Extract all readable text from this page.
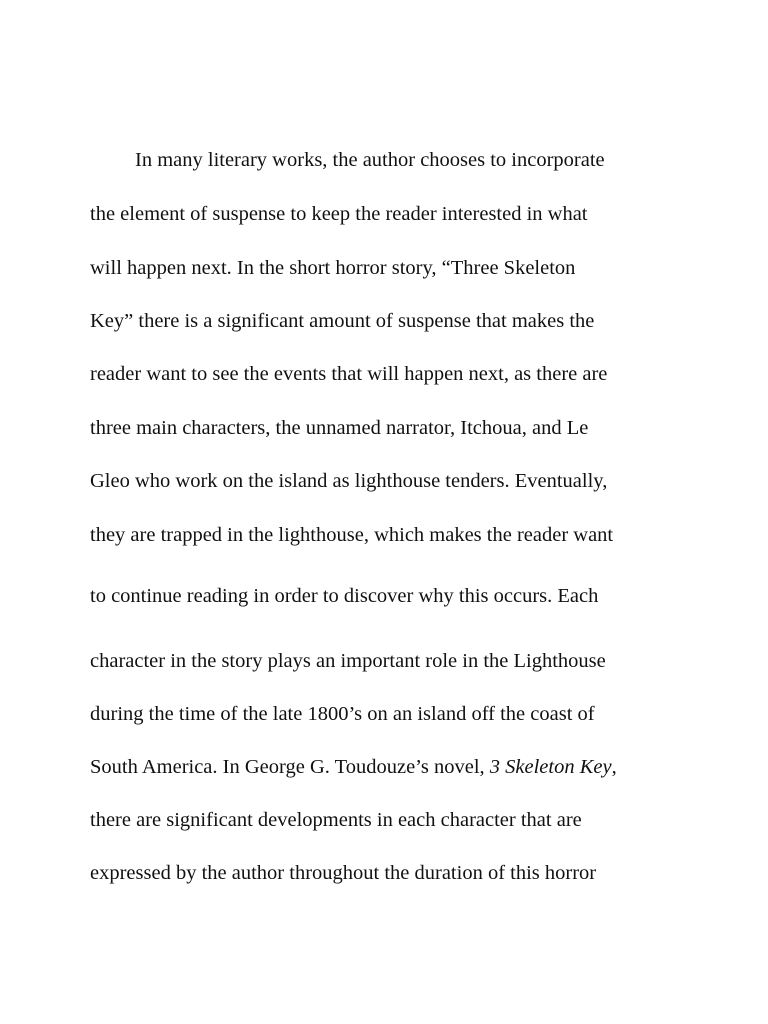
In many literary works, the author chooses to incorporate
the element of suspense to keep the reader interested in what
will happen next. In the short horror story, “Three Skeleton
Key” there is a significant amount of suspense that makes the
reader want to see the events that will happen next, as there are
three main characters, the unnamed narrator, Itchoua, and Le
Gleo who work on the island as lighthouse tenders. Eventually,
they are trapped in the lighthouse, which makes the reader want
to continue reading in order to discover why this occurs. Each
character in the story plays an important role in the Lighthouse
during the time of the late 1800’s on an island off the coast of
South America. In George G. Toudouze’s novel, 3 Skeleton Key,
there are significant developments in each character that are
expressed by the author throughout the duration of this horror
